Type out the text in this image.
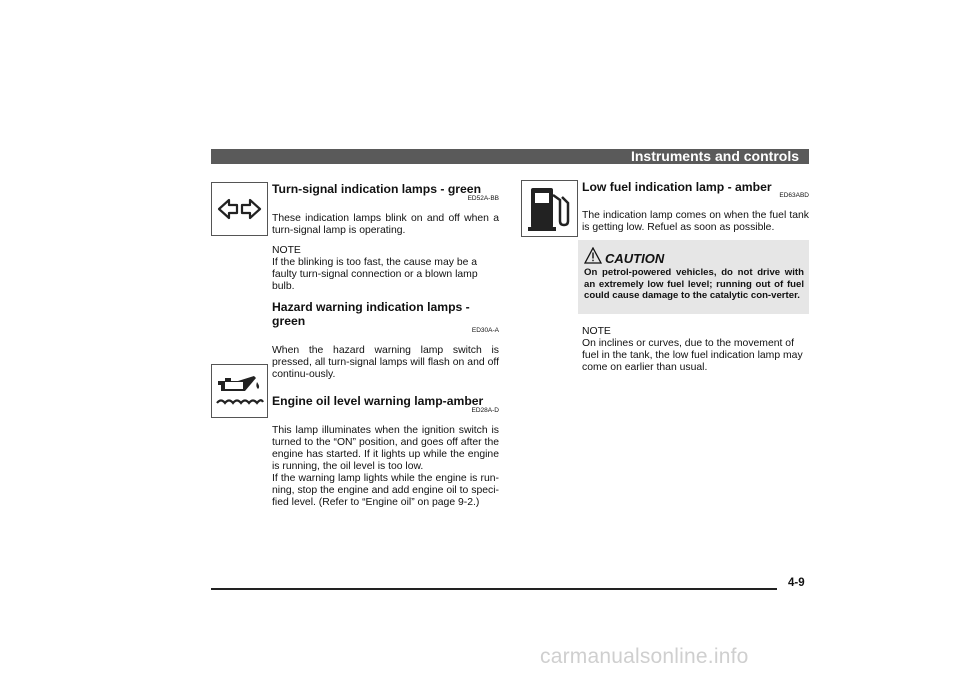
Instruments and controls
Turn-signal indication lamps - green
ED52A-BB

These indication lamps blink on and off when a turn-signal lamp is operating.

NOTE

If the blinking is too fast, the cause may be a faulty turn-signal connection or a blown lamp bulb.

Hazard warning indication lamps - green
ED30A-A

When the hazard warning lamp switch is pressed, all turn-signal lamps will flash on and off continu-ously.

Engine oil level warning lamp-amber
ED28A-D

This lamp illuminates when the ignition switch is turned to the “ON” position, and goes off after the engine has started. If it lights up while the engine is running, the oil level is too low.

If the warning lamp lights while the engine is run-ning, stop the engine and add engine oil to speci-fied level. (Refer to “Engine oil” on page 9-2.)

Low fuel indication lamp - amber
ED63ABD

The indication lamp comes on when the fuel tank is getting low. Refuel as soon as possible.

CAUTION
On petrol-powered vehicles, do not drive with an extremely low fuel level; running out of fuel could cause damage to the catalytic con-verter.

NOTE

On inclines or curves, due to the movement of fuel in the tank, the low fuel indication lamp may come on earlier than usual.

4-9
carmanualsonline.info
